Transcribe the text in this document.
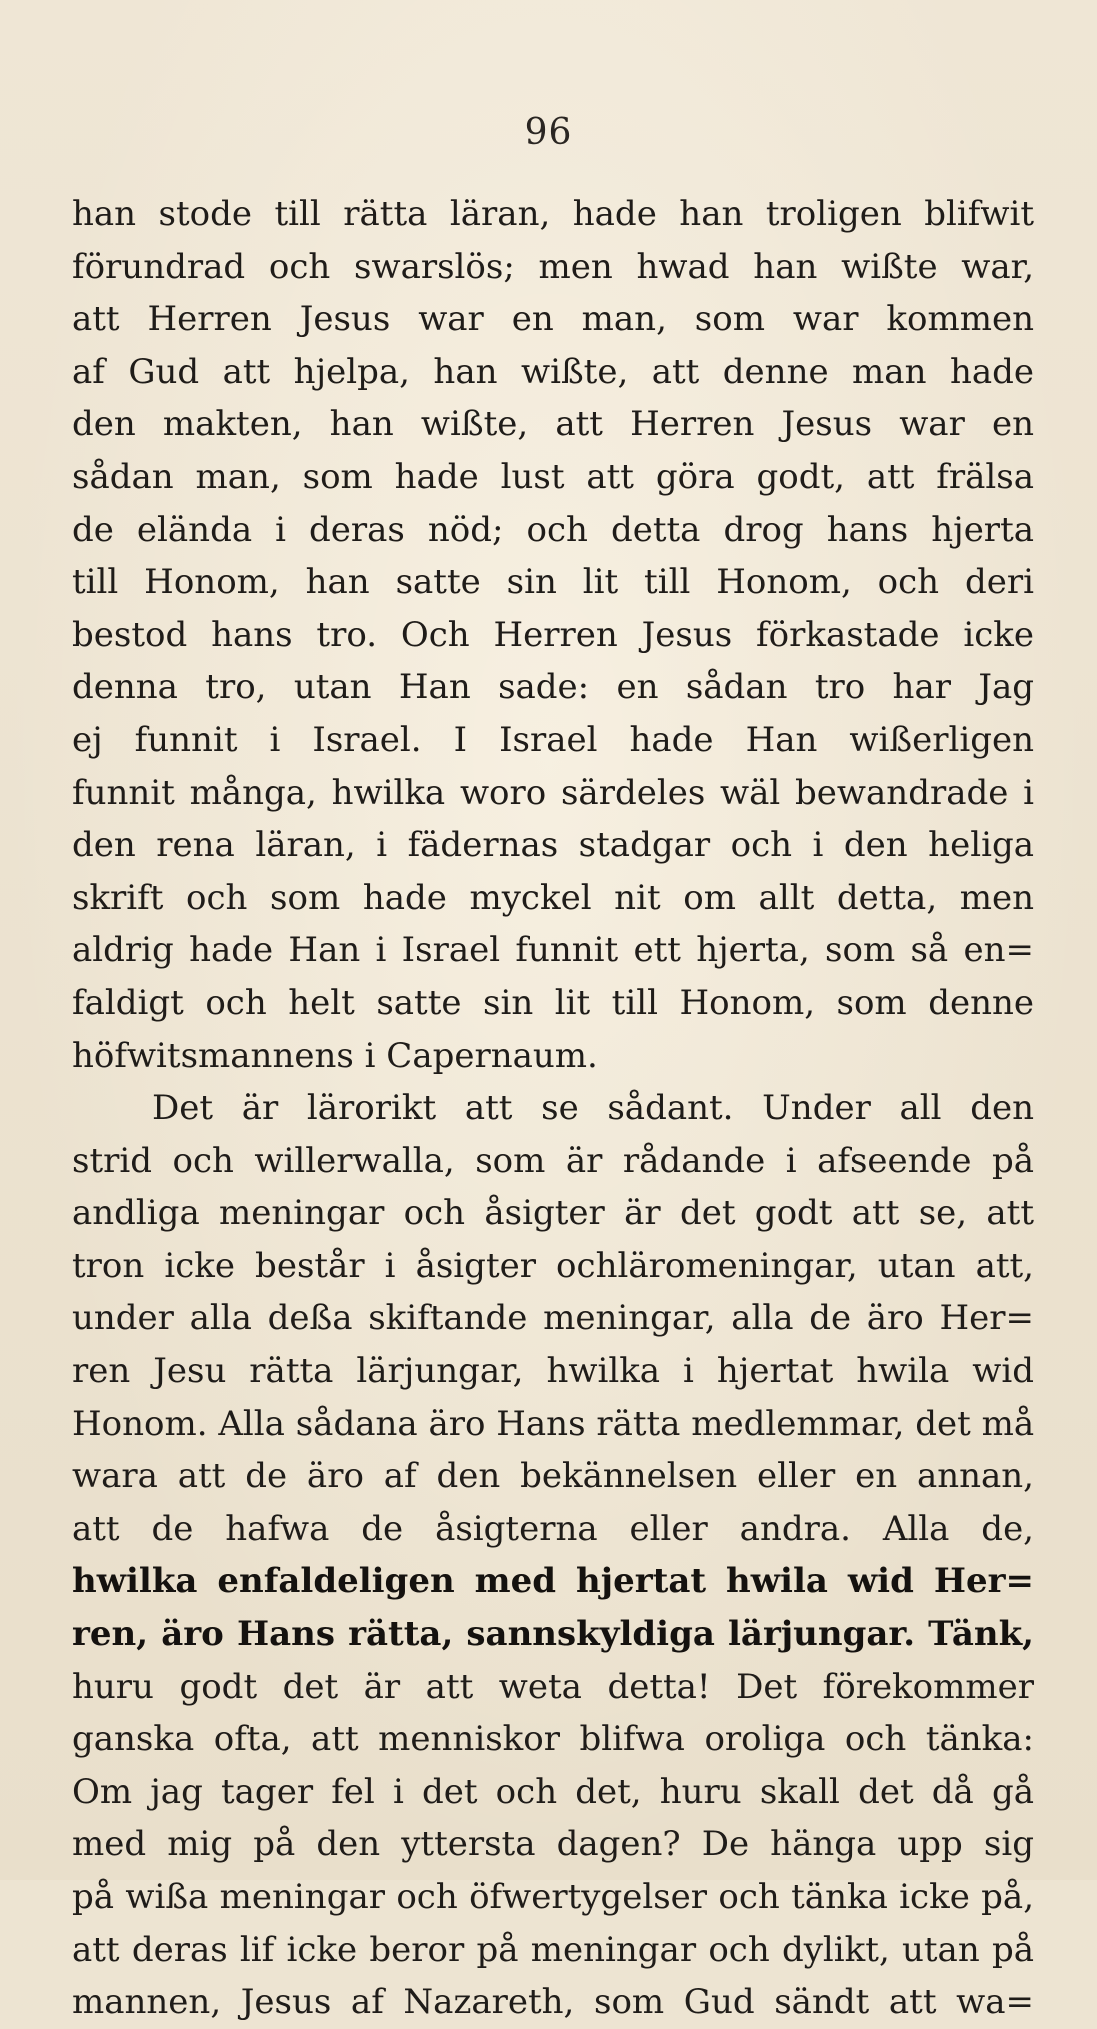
96
han stode till rätta läran, hade han troligen blifwit
förundrad och swarslös; men hwad han wißte war,
att Herren Jesus war en man, som war kommen
af Gud att hjelpa, han wißte, att denne man hade
den makten, han wißte, att Herren Jesus war en
sådan man, som hade lust att göra godt, att frälsa
de elända i deras nöd; och detta drog hans hjerta
till Honom, han satte sin lit till Honom, och deri
bestod hans tro. Och Herren Jesus förkastade icke
denna tro, utan Han sade: en sådan tro har Jag
ej funnit i Israel. I Israel hade Han wißerligen
funnit många, hwilka woro särdeles wäl bewandrade i
den rena läran, i fädernas stadgar och i den heliga
skrift och som hade myckel nit om allt detta, men
aldrig hade Han i Israel funnit ett hjerta, som så en=
faldigt och helt satte sin lit till Honom, som denne
höfwitsmannens i Capernaum.
Det är lärorikt att se sådant. Under all den
strid och willerwalla, som är rådande i afseende på
andliga meningar och åsigter är det godt att se, att
tron icke består i åsigter ochläromeningar, utan att,
under alla deßa skiftande meningar, alla de äro Her=
ren Jesu rätta lärjungar, hwilka i hjertat hwila wid
Honom. Alla sådana äro Hans rätta medlemmar, det må
wara att de äro af den bekännelsen eller en annan,
att de hafwa de åsigterna eller andra. Alla de,
hwilka enfaldeligen med hjertat hwila wid Her=
ren, äro Hans rätta, sannskyldiga lärjungar. Tänk,
huru godt det är att weta detta! Det förekommer
ganska ofta, att menniskor blifwa oroliga och tänka:
Om jag tager fel i det och det, huru skall det då gå
med mig på den yttersta dagen? De hänga upp sig
på wißa meningar och öfwertygelser och tänka icke på,
att deras lif icke beror på meningar och dylikt, utan på
mannen, Jesus af Nazareth, som Gud sändt att wa=
